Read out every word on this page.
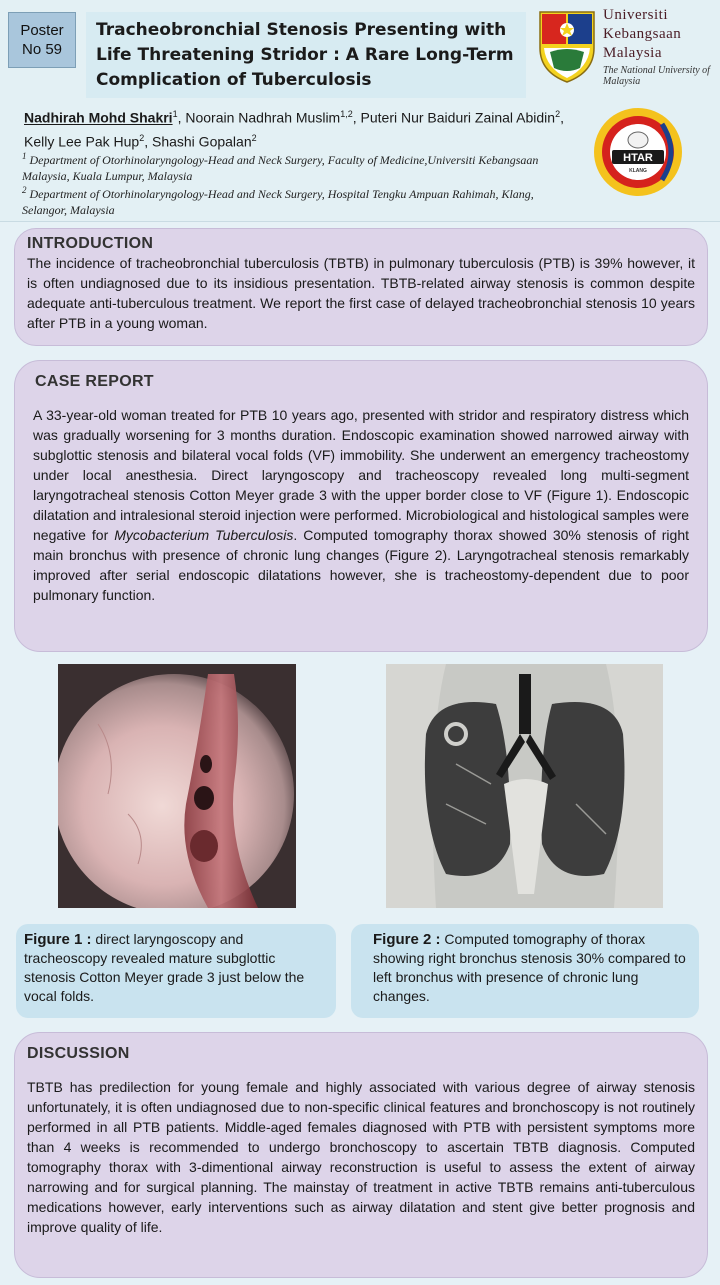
Poster
No 59
Tracheobronchial Stenosis Presenting with Life Threatening Stridor : A Rare Long-Term Complication of Tuberculosis
Universiti
Kebangsaan
Malaysia
The National University of Malaysia
Nadhirah Mohd Shakri$^1$, Noorain Nadhrah Muslim$^{1,2}$, Puteri Nur Baiduri Zainal Abidin$^2$, Kelly Lee Pak Hup$^2$, Shashi Gopalan$^2$
$^1$ Department of Otorhinolaryngology-Head and Neck Surgery, Faculty of Medicine,Universiti Kebangsaan Malaysia, Kuala Lumpur, Malaysia
$^2$ Department of Otorhinolaryngology-Head and Neck Surgery, Hospital Tengku Ampuan Rahimah, Klang, Selangor, Malaysia
HTAR
KLANG
INTRODUCTION
The incidence of tracheobronchial tuberculosis (TBTB) in pulmonary tuberculosis (PTB) is 39% however, it is often undiagnosed due to its insidious presentation. TBTB-related airway stenosis is common despite adequate anti-tuberculous treatment. We report the first case of delayed tracheobronchial stenosis 10 years after PTB in a young woman.
CASE REPORT
A 33-year-old woman treated for PTB 10 years ago, presented with stridor and respiratory distress which was gradually worsening for 3 months duration. Endoscopic examination showed narrowed airway with subglottic stenosis and bilateral vocal folds (VF) immobility. She underwent an emergency tracheostomy under local anesthesia. Direct laryngoscopy and tracheoscopy revealed long multi-segment laryngotracheal stenosis Cotton Meyer grade 3 with the upper border close to VF (Figure 1). Endoscopic dilatation and intralesional steroid injection were performed. Microbiological and histological samples were negative for Mycobacterium Tuberculosis. Computed tomography thorax showed 30% stenosis of right main bronchus with presence of chronic lung changes (Figure 2). Laryngotracheal stenosis remarkably improved after serial endoscopic dilatations however, she is tracheostomy-dependent due to poor pulmonary function.
Figure 1 : direct laryngoscopy and tracheoscopy revealed mature subglottic stenosis Cotton Meyer grade 3 just below the vocal folds.
Figure 2 : Computed tomography of thorax showing right bronchus stenosis 30% compared to left bronchus with presence of chronic lung changes.
DISCUSSION
TBTB has predilection for young female and highly associated with various degree of airway stenosis unfortunately, it is often undiagnosed due to non-specific clinical features and bronchoscopy is not routinely performed in all PTB patients. Middle-aged females diagnosed with PTB with persistent symptoms more than 4 weeks is recommended to undergo bronchoscopy to ascertain TBTB diagnosis. Computed tomography thorax with 3-dimentional airway reconstruction is useful to assess the extent of airway narrowing and for surgical planning. The mainstay of treatment in active TBTB remains anti-tuberculous medications however, early interventions such as airway dilatation and stent give better prognosis and improve quality of life.
